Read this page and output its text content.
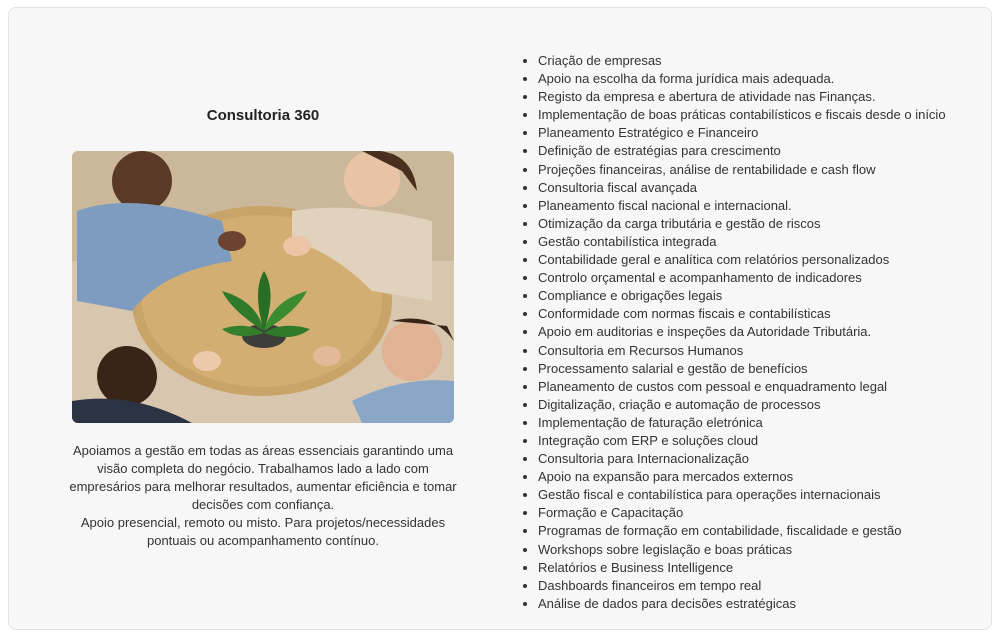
Consultoria 360

Apoiamos a gestão em todas as áreas essenciais garantindo uma visão completa do negócio. Trabalhamos lado a lado com empresários para melhorar resultados, aumentar eficiência e tomar decisões com confiança.

Apoio presencial, remoto ou misto. Para projetos/necessidades pontuais ou acompanhamento contínuo.

• Criação de empresas
• Apoio na escolha da forma jurídica mais adequada.
• Registo da empresa e abertura de atividade nas Finanças.
• Implementação de boas práticas contabilísticos e fiscais desde o início
• Planeamento Estratégico e Financeiro
• Definição de estratégias para crescimento
• Projeções financeiras, análise de rentabilidade e cash flow
• Consultoria fiscal avançada
• Planeamento fiscal nacional e internacional.
• Otimização da carga tributária e gestão de riscos
• Gestão contabilística integrada
• Contabilidade geral e analítica com relatórios personalizados
• Controlo orçamental e acompanhamento de indicadores
• Compliance e obrigações legais
• Conformidade com normas fiscais e contabilísticas
• Apoio em auditorias e inspeções da Autoridade Tributária.
• Consultoria em Recursos Humanos
• Processamento salarial e gestão de benefícios
• Planeamento de custos com pessoal e enquadramento legal
• Digitalização, criação e automação de processos
• Implementação de faturação eletrónica
• Integração com ERP e soluções cloud
• Consultoria para Internacionalização
• Apoio na expansão para mercados externos
• Gestão fiscal e contabilística para operações internacionais
• Formação e Capacitação
• Programas de formação em contabilidade, fiscalidade e gestão
• Workshops sobre legislação e boas práticas
• Relatórios e Business Intelligence
• Dashboards financeiros em tempo real
• Análise de dados para decisões estratégicas
